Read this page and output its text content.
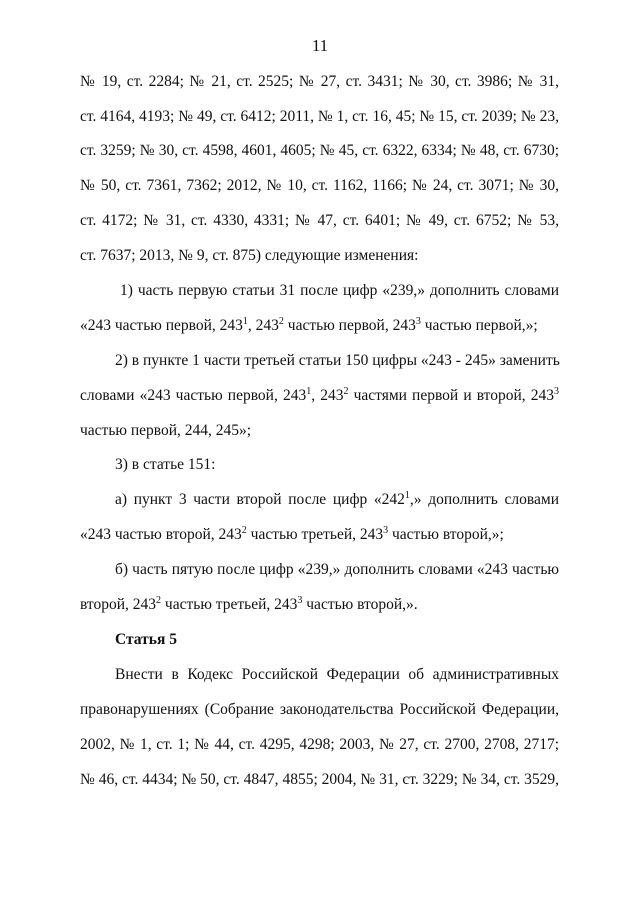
11
№ 19, ст. 2284; № 21, ст. 2525; № 27, ст. 3431; № 30, ст. 3986; № 31,
ст. 4164, 4193; № 49, ст. 6412; 2011, № 1, ст. 16, 45; № 15, ст. 2039; № 23,
ст. 3259; № 30, ст. 4598, 4601, 4605; № 45, ст. 6322, 6334; № 48, ст. 6730;
№ 50, ст. 7361, 7362; 2012, № 10, ст. 1162, 1166; № 24, ст. 3071; № 30,
ст. 4172; № 31, ст. 4330, 4331; № 47, ст. 6401; № 49, ст. 6752; № 53,
ст. 7637; 2013, № 9, ст. 875) следующие изменения:
1) часть первую статьи 31 после цифр «239,» дополнить словами
«243 частью первой, $243^1$, $243^2$ частью первой, $243^3$ частью первой,»;
2) в пункте 1 части третьей статьи 150 цифры «243 - 245» заменить
словами «243 частью первой, $243^1$, $243^2$ частями первой и второй, $243^3$
частью первой, 244, 245»;
3) в статье 151:
а) пункт 3 части второй после цифр «$242^1$,» дополнить словами
«243 частью второй, $243^2$ частью третьей, $243^3$ частью второй,»;
б) часть пятую после цифр «239,» дополнить словами «243 частью
второй, $243^2$ частью третьей, $243^3$ частью второй,».
Статья 5
Внести в Кодекс Российской Федерации об административных
правонарушениях (Собрание законодательства Российской Федерации,
2002, № 1, ст. 1; № 44, ст. 4295, 4298; 2003, № 27, ст. 2700, 2708, 2717;
№ 46, ст. 4434; № 50, ст. 4847, 4855; 2004, № 31, ст. 3229; № 34, ст. 3529,
